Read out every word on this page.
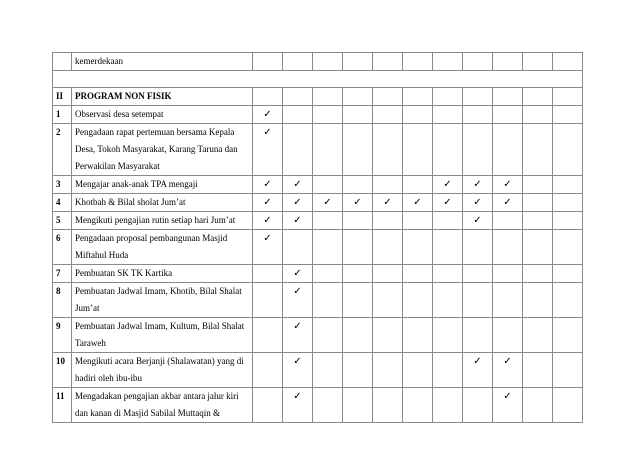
	kemerdekaan											

II	PROGRAM NON FISIK											
1	Observasi desa setempat	✓										
2	Pengadaan rapat pertemuan bersama Kepala Desa, Tokoh Masyarakat, Karang Taruna dan Perwakilan Masyarakat	✓										
3	Mengajar anak-anak TPA mengaji	✓	✓					✓	✓	✓		
4	Khotbah & Bilal sholat Jum’at	✓	✓	✓	✓	✓	✓	✓	✓	✓		
5	Mengikuti pengajian rutin setiap hari Jum’at	✓	✓						✓			
6	Pengadaan proposal pembangunan Masjid Miftahul Huda	✓										
7	Pembuatan SK TK Kartika		✓									
8	Pembuatan Jadwal Imam, Khotib, Bilal Shalat Jum’at		✓									
9	Pembuatan Jadwal Imam, Kultum, Bilal Shalat Taraweh		✓									
10	Mengikuti acara Berjanji (Shalawatan) yang di hadiri oleh ibu-ibu		✓						✓	✓		
11	Mengadakan pengajian akbar antara jalur kiri dan kanan di Masjid Sabilal Muttaqin &		✓							✓		
